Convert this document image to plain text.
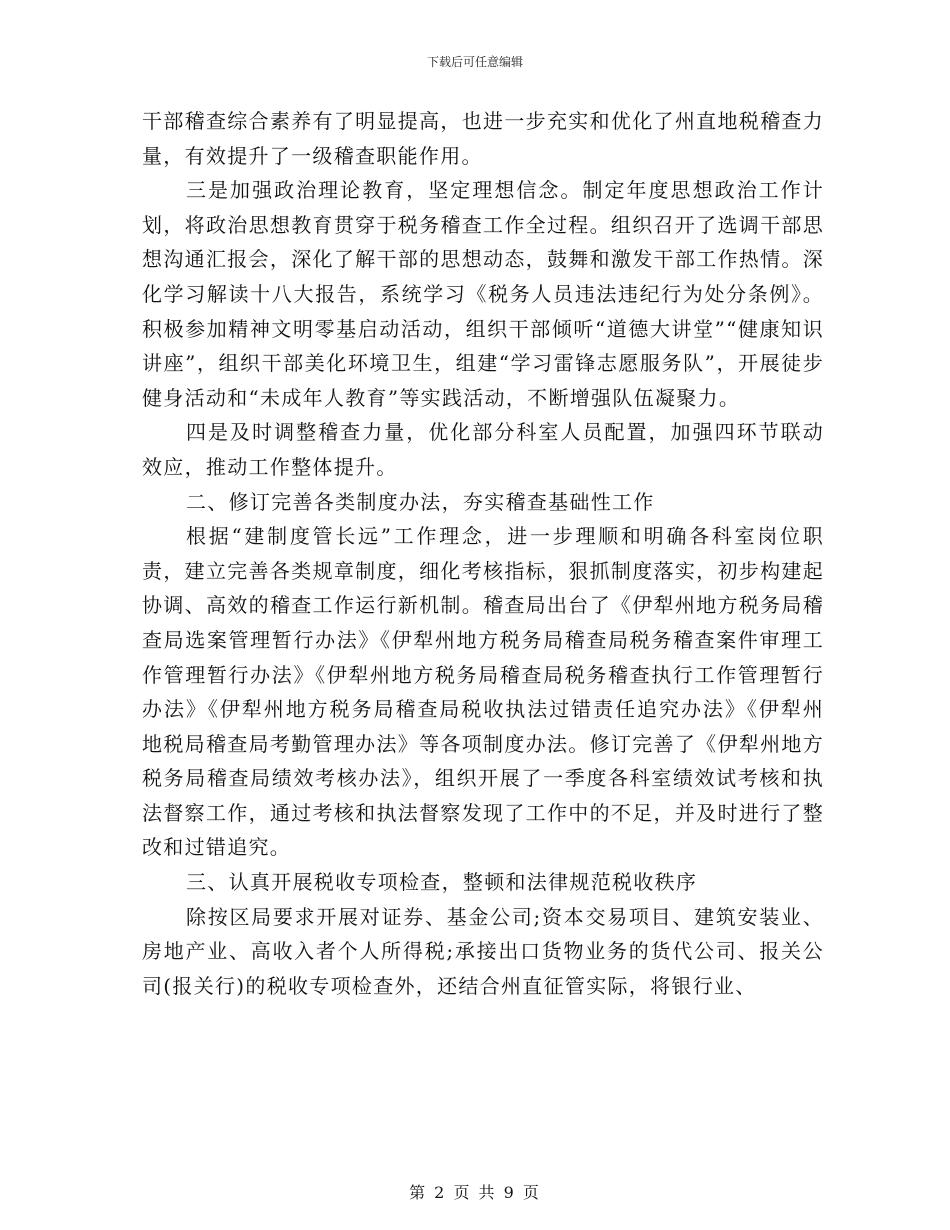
下载后可任意编辑

干部稽查综合素养有了明显提高，也进一步充实和优化了州直地税稽查力量，有效提升了一级稽查职能作用。

三是加强政治理论教育，坚定理想信念。制定年度思想政治工作计划，将政治思想教育贯穿于税务稽查工作全过程。组织召开了选调干部思想沟通汇报会，深化了解干部的思想动态，鼓舞和激发干部工作热情。深化学习解读十八大报告，系统学习《税务人员违法违纪行为处分条例》。积极参加精神文明零基启动活动，组织干部倾听“道德大讲堂”“健康知识讲座”，组织干部美化环境卫生，组建“学习雷锋志愿服务队”，开展徒步健身活动和“未成年人教育”等实践活动，不断增强队伍凝聚力。

四是及时调整稽查力量，优化部分科室人员配置，加强四环节联动效应，推动工作整体提升。

二、修订完善各类制度办法，夯实稽查基础性工作

根据“建制度管长远”工作理念，进一步理顺和明确各科室岗位职责，建立完善各类规章制度，细化考核指标，狠抓制度落实，初步构建起协调、高效的稽查工作运行新机制。稽查局出台了《伊犁州地方税务局稽查局选案管理暂行办法》《伊犁州地方税务局稽查局税务稽查案件审理工作管理暂行办法》《伊犁州地方税务局稽查局税务稽查执行工作管理暂行办法》《伊犁州地方税务局稽查局税收执法过错责任追究办法》《伊犁州地税局稽查局考勤管理办法》等各项制度办法。修订完善了《伊犁州地方税务局稽查局绩效考核办法》，组织开展了一季度各科室绩效试考核和执法督察工作，通过考核和执法督察发现了工作中的不足，并及时进行了整改和过错追究。

三、认真开展税收专项检查，整顿和法律规范税收秩序

除按区局要求开展对证券、基金公司;资本交易项目、建筑安装业、房地产业、高收入者个人所得税;承接出口货物业务的货代公司、报关公司(报关行)的税收专项检查外，还结合州直征管实际，将银行业、

第 2 页 共 9 页
